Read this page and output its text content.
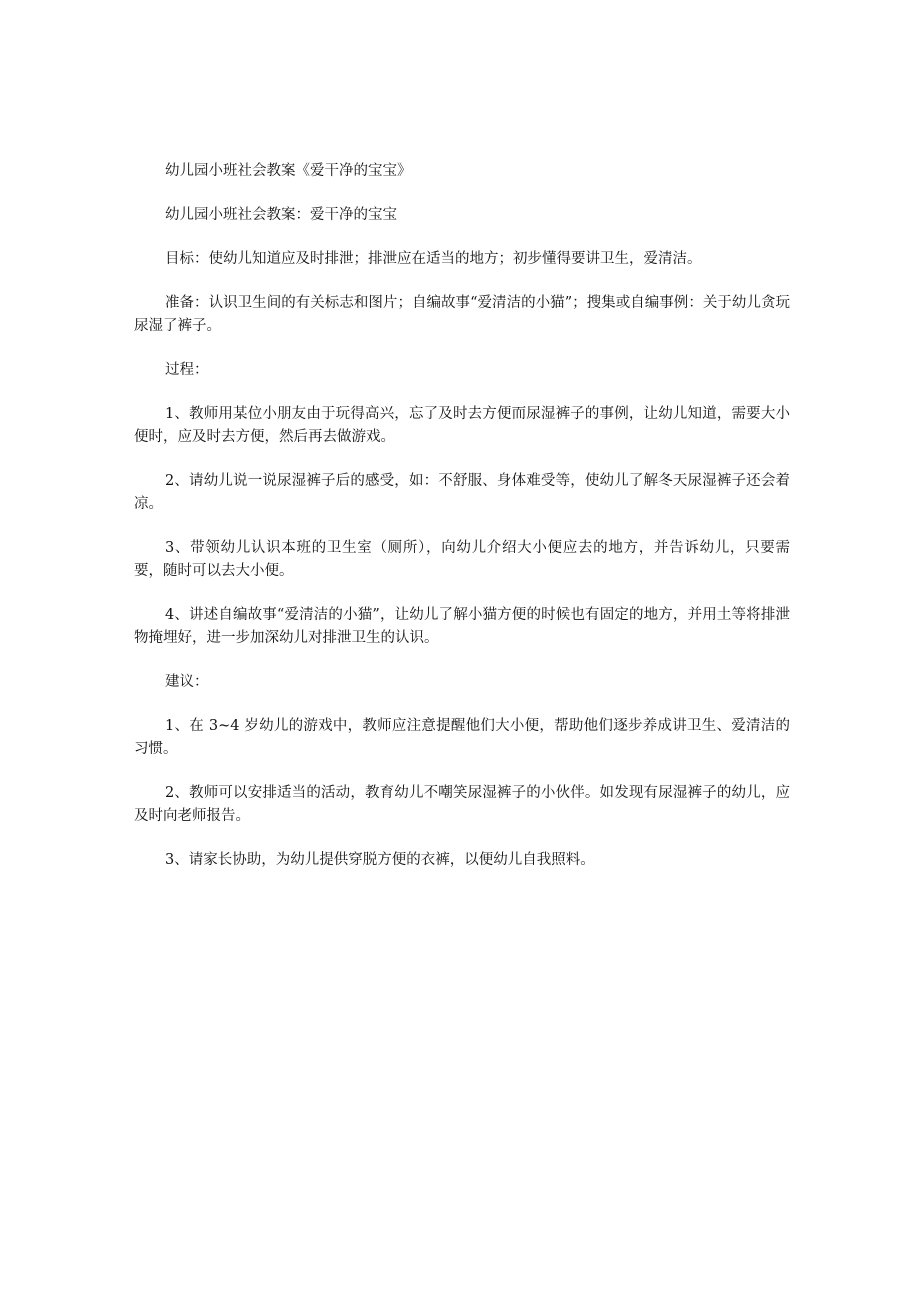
幼儿园小班社会教案《爱干净的宝宝》

幼儿园小班社会教案：爱干净的宝宝

目标：使幼儿知道应及时排泄；排泄应在适当的地方；初步懂得要讲卫生，爱清洁。

准备：认识卫生间的有关标志和图片；自编故事“爱清洁的小猫”；搜集或自编事例：关于幼儿贪玩尿湿了裤子。

过程：

1、教师用某位小朋友由于玩得高兴，忘了及时去方便而尿湿裤子的事例，让幼儿知道，需要大小便时，应及时去方便，然后再去做游戏。

2、请幼儿说一说尿湿裤子后的感受，如：不舒服、身体难受等，使幼儿了解冬天尿湿裤子还会着凉。

3、带领幼儿认识本班的卫生室（厕所），向幼儿介绍大小便应去的地方，并告诉幼儿，只要需要，随时可以去大小便。

4、讲述自编故事“爱清洁的小猫”，让幼儿了解小猫方便的时候也有固定的地方，并用土等将排泄物掩埋好，进一步加深幼儿对排泄卫生的认识。

建议：

1、在 3~4 岁幼儿的游戏中，教师应注意提醒他们大小便，帮助他们逐步养成讲卫生、爱清洁的习惯。

2、教师可以安排适当的活动，教育幼儿不嘲笑尿湿裤子的小伙伴。如发现有尿湿裤子的幼儿，应及时向老师报告。

3、请家长协助，为幼儿提供穿脱方便的衣裤，以便幼儿自我照料。
